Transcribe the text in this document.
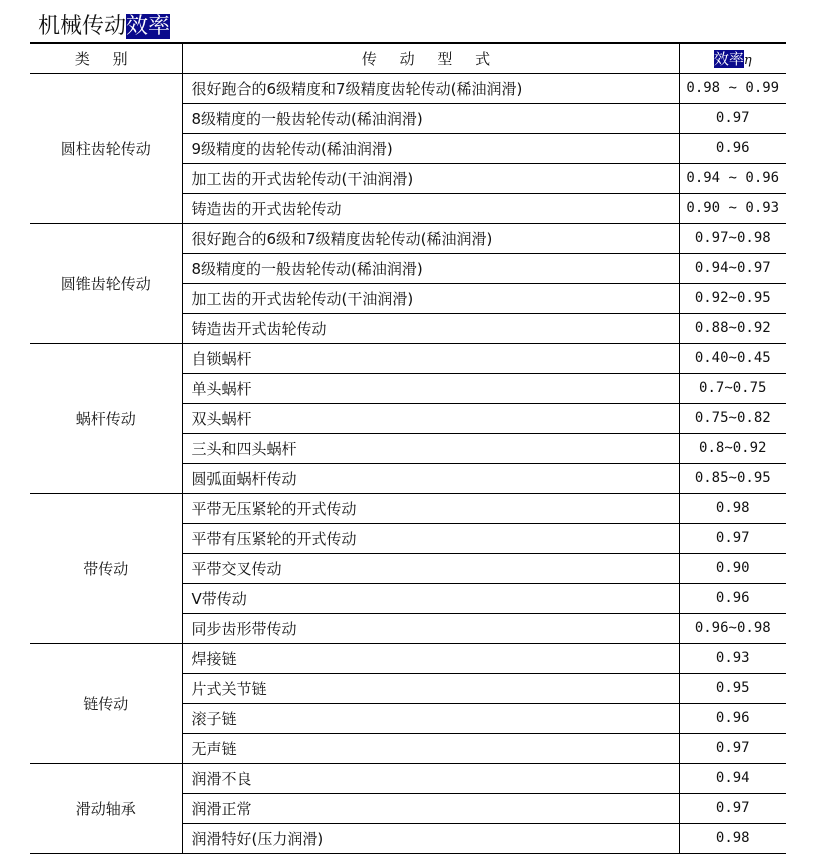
机械传动效率
类 别	传 动 型 式	效率η
圆柱齿轮传动	很好跑合的6级精度和7级精度齿轮传动(稀油润滑)	0.98 ~ 0.99
	8级精度的一般齿轮传动(稀油润滑)	0.97
	9级精度的齿轮传动(稀油润滑)	0.96
	加工齿的开式齿轮传动(干油润滑)	0.94 ~ 0.96
	铸造齿的开式齿轮传动	0.90 ~ 0.93
圆锥齿轮传动	很好跑合的6级和7级精度齿轮传动(稀油润滑)	0.97~0.98
	8级精度的一般齿轮传动(稀油润滑)	0.94~0.97
	加工齿的开式齿轮传动(干油润滑)	0.92~0.95
	铸造齿开式齿轮传动	0.88~0.92
蜗杆传动	自锁蜗杆	0.40~0.45
	单头蜗杆	0.7~0.75
	双头蜗杆	0.75~0.82
	三头和四头蜗杆	0.8~0.92
	圆弧面蜗杆传动	0.85~0.95
带传动	平带无压紧轮的开式传动	0.98
	平带有压紧轮的开式传动	0.97
	平带交叉传动	0.90
	V带传动	0.96
	同步齿形带传动	0.96~0.98
链传动	焊接链	0.93
	片式关节链	0.95
	滚子链	0.96
	无声链	0.97
滑动轴承	润滑不良	0.94
	润滑正常	0.97
	润滑特好(压力润滑)	0.98
